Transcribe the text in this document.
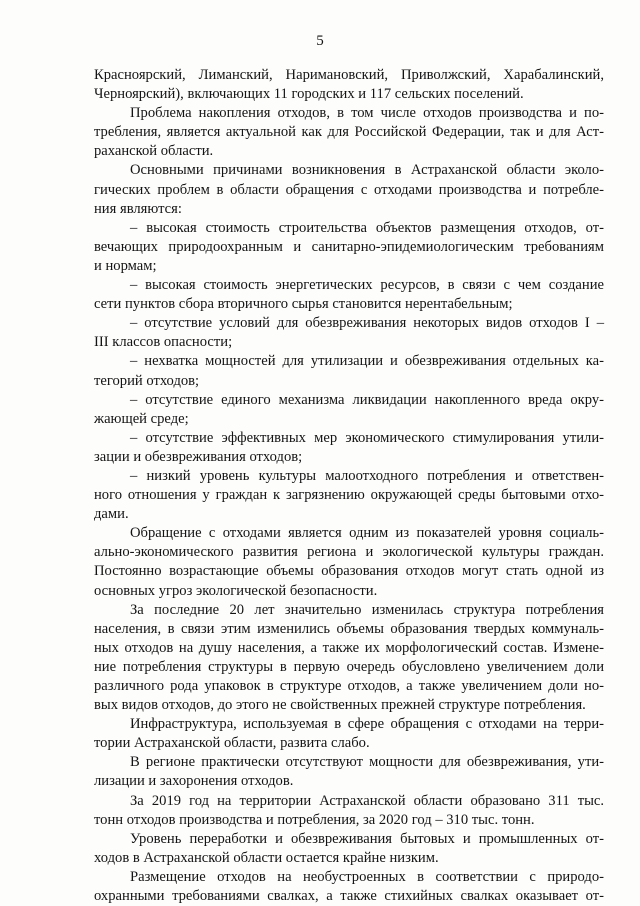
5
Красноярский, Лиманский, Наримановский, Приволжский, Харабалинский,
Черноярский), включающих 11 городских и 117 сельских поселений.
Проблема накопления отходов, в том числе отходов производства и по-
требления, является актуальной как для Российской Федерации, так и для Аст-
раханской области.
Основными причинами возникновения в Астраханской области эколо-
гических проблем в области обращения с отходами производства и потребле-
ния являются:
– высокая стоимость строительства объектов размещения отходов, от-
вечающих природоохранным и санитарно-эпидемиологическим требованиям
и нормам;
– высокая стоимость энергетических ресурсов, в связи с чем создание
сети пунктов сбора вторичного сырья становится нерентабельным;
– отсутствие условий для обезвреживания некоторых видов отходов I –
III классов опасности;
– нехватка мощностей для утилизации и обезвреживания отдельных ка-
тегорий отходов;
– отсутствие единого механизма ликвидации накопленного вреда окру-
жающей среде;
– отсутствие эффективных мер экономического стимулирования утили-
зации и обезвреживания отходов;
– низкий уровень культуры малоотходного потребления и ответствен-
ного отношения у граждан к загрязнению окружающей среды бытовыми отхо-
дами.
Обращение с отходами является одним из показателей уровня социаль-
ально-экономического развития региона и экологической культуры граждан.
Постоянно возрастающие объемы образования отходов могут стать одной из
основных угроз экологической безопасности.
За последние 20 лет значительно изменилась структура потребления
населения, в связи этим изменились объемы образования твердых коммуналь-
ных отходов на душу населения, а также их морфологический состав. Измене-
ние потребления структуры в первую очередь обусловлено увеличением доли
различного рода упаковок в структуре отходов, а также увеличением доли но-
вых видов отходов, до этого не свойственных прежней структуре потребления.
Инфраструктура, используемая в сфере обращения с отходами на терри-
тории Астраханской области, развита слабо.
В регионе практически отсутствуют мощности для обезвреживания, ути-
лизации и захоронения отходов.
За 2019 год на территории Астраханской области образовано 311 тыс.
тонн отходов производства и потребления, за 2020 год – 310 тыс. тонн.
Уровень переработки и обезвреживания бытовых и промышленных от-
ходов в Астраханской области остается крайне низким.
Размещение отходов на необустроенных в соответствии с природо-
охранными требованиями свалках, а также стихийных свалках оказывает от-
